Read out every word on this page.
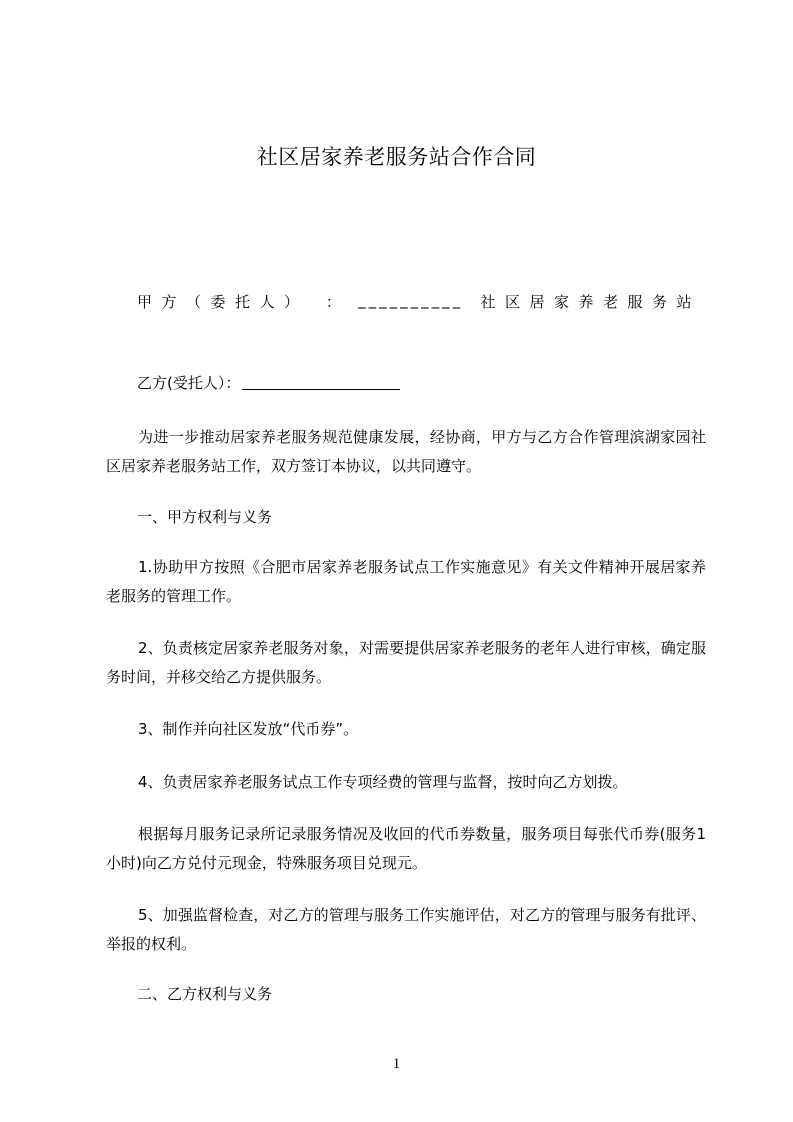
社区居家养老服务站合作合同
甲方（委托人） ： __________ 社区居家养老服务站
乙方(受托人）：
为进一步推动居家养老服务规范健康发展，经协商，甲方与乙方合作管理滨湖家园社区居家养老服务站工作，双方签订本协议，以共同遵守。
一、甲方权利与义务
1.协助甲方按照《合肥市居家养老服务试点工作实施意见》有关文件精神开展居家养老服务的管理工作。
2、负责核定居家养老服务对象，对需要提供居家养老服务的老年人进行审核，确定服务时间，并移交给乙方提供服务。
3、制作并向社区发放“代币券”。
4、负责居家养老服务试点工作专项经费的管理与监督，按时向乙方划拨。
根据每月服务记录所记录服务情况及收回的代币券数量，服务项目每张代币券(服务1小时)向乙方兑付元现金，特殊服务项目兑现元。
5、加强监督检查，对乙方的管理与服务工作实施评估，对乙方的管理与服务有批评、举报的权利。
二、乙方权利与义务
1
